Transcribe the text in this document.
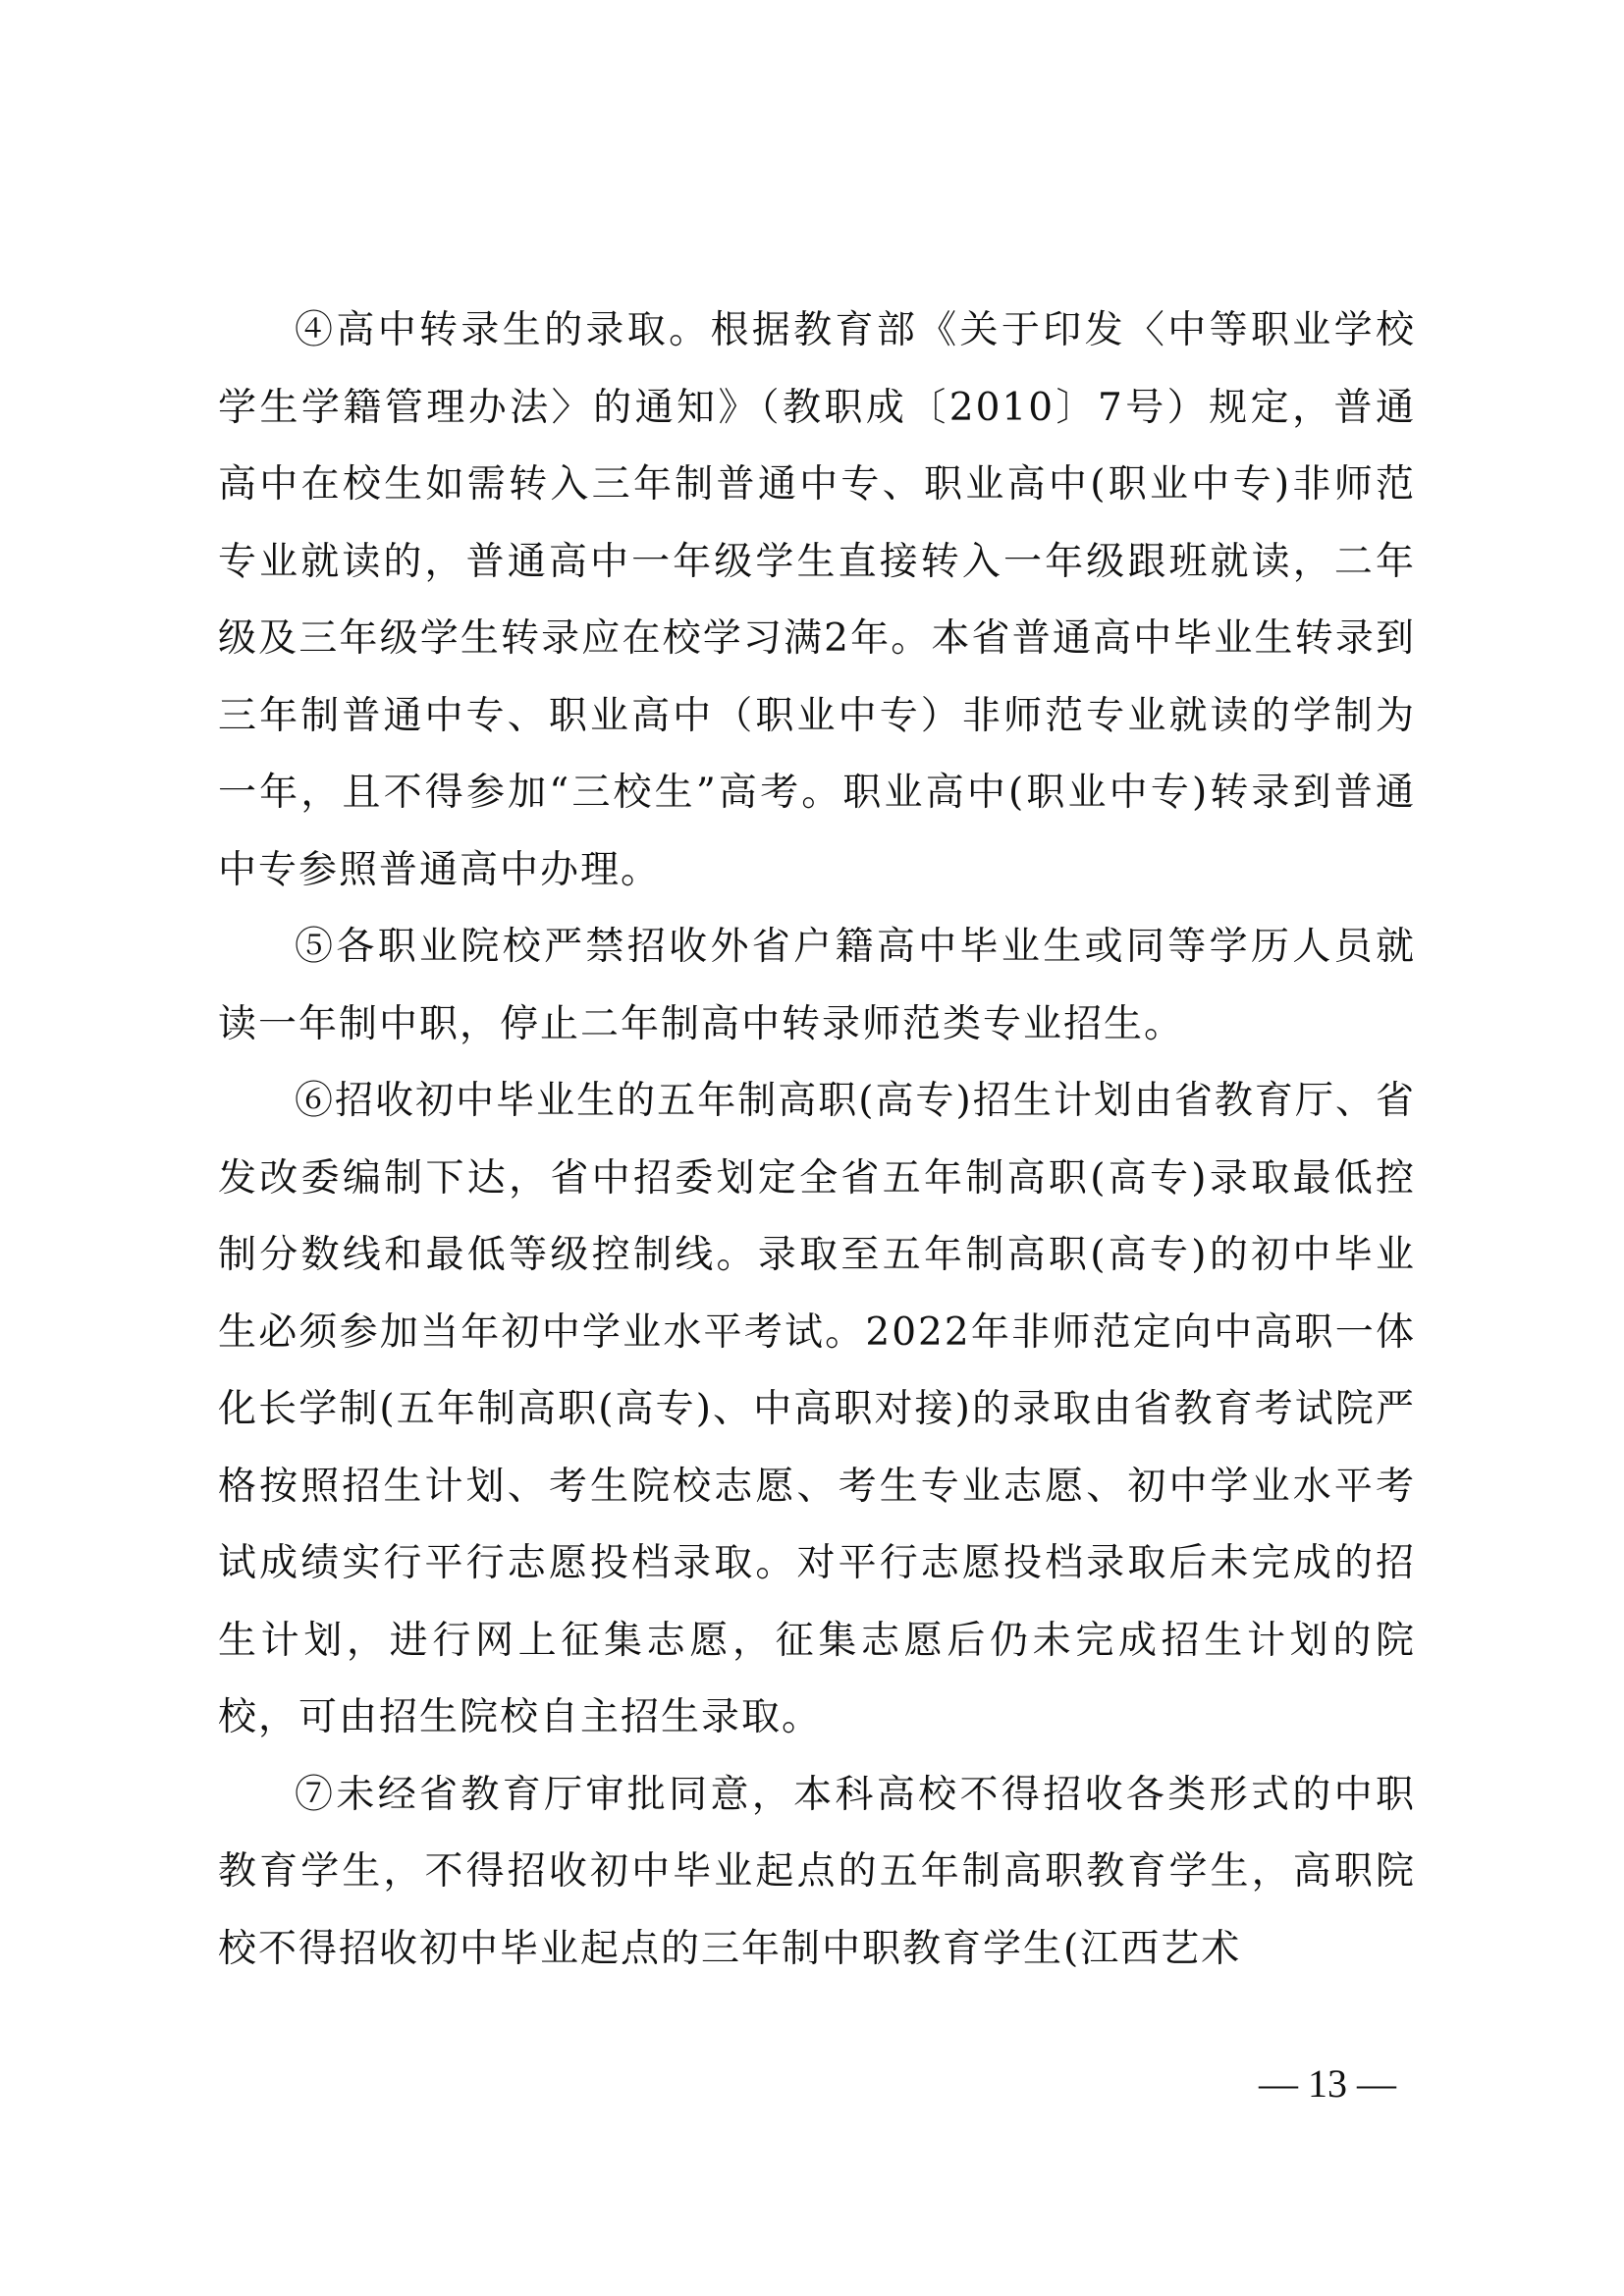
④高中转录生的录取。根据教育部《关于印发〈中等职业学校学生学籍管理办法〉的通知》（教职成〔2010〕7号）规定，普通高中在校生如需转入三年制普通中专、职业高中(职业中专)非师范专业就读的，普通高中一年级学生直接转入一年级跟班就读，二年级及三年级学生转录应在校学习满2年。本省普通高中毕业生转录到三年制普通中专、职业高中（职业中专）非师范专业就读的学制为一年，且不得参加“三校生”高考。职业高中(职业中专)转录到普通中专参照普通高中办理。

⑤各职业院校严禁招收外省户籍高中毕业生或同等学历人员就读一年制中职，停止二年制高中转录师范类专业招生。

⑥招收初中毕业生的五年制高职(高专)招生计划由省教育厅、省发改委编制下达，省中招委划定全省五年制高职(高专)录取最低控制分数线和最低等级控制线。录取至五年制高职(高专)的初中毕业生必须参加当年初中学业水平考试。2022年非师范定向中高职一体化长学制(五年制高职(高专)、中高职对接)的录取由省教育考试院严格按照招生计划、考生院校志愿、考生专业志愿、初中学业水平考试成绩实行平行志愿投档录取。对平行志愿投档录取后未完成的招生计划，进行网上征集志愿，征集志愿后仍未完成招生计划的院校，可由招生院校自主招生录取。

⑦未经省教育厅审批同意，本科高校不得招收各类形式的中职教育学生，不得招收初中毕业起点的五年制高职教育学生，高职院校不得招收初中毕业起点的三年制中职教育学生(江西艺术

— 13 —
